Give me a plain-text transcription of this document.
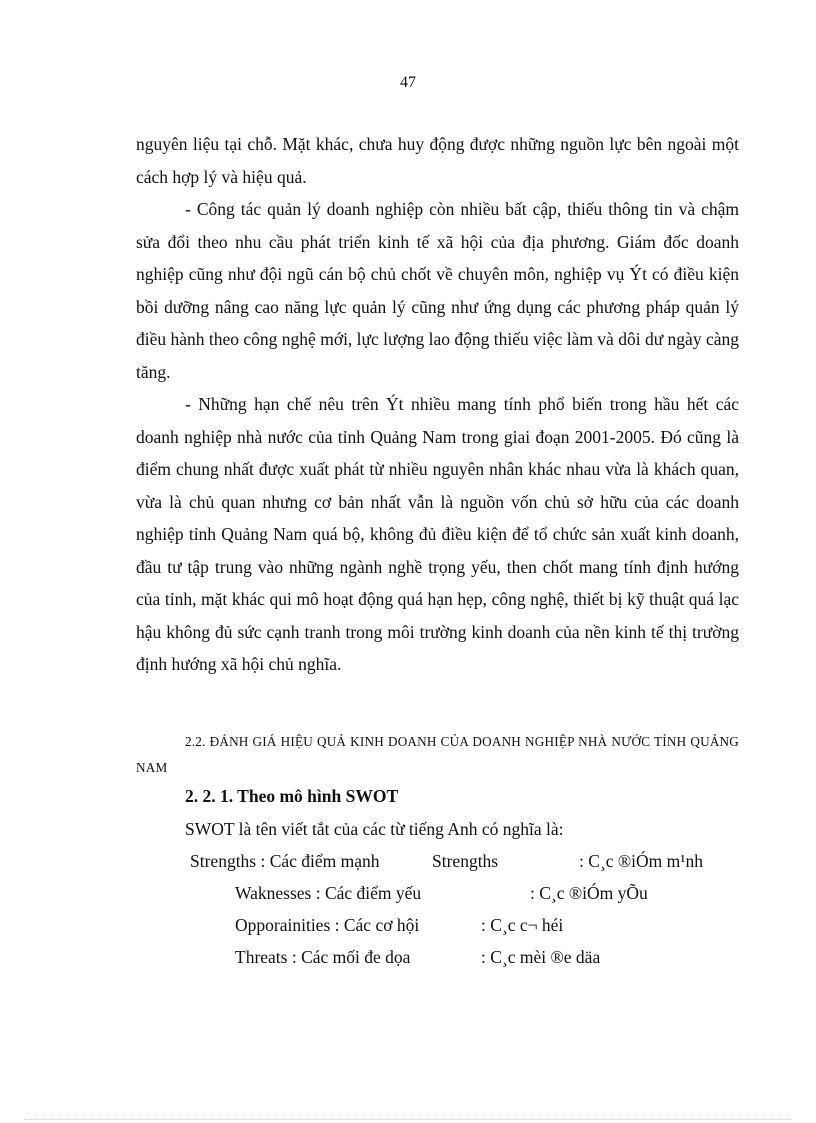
47

nguyên liệu tại chỗ. Mặt khác, chưa huy động được những nguồn lực bên ngoài một cách hợp lý và hiệu quả.

- Công tác quản lý doanh nghiệp còn nhiều bất cập, thiếu thông tin và chậm sửa đổi theo nhu cầu phát triển kinh tế xã hội của địa phương. Giám đốc doanh nghiệp cũng như đội ngũ cán bộ chủ chốt về chuyên môn, nghiệp vụ Ýt có điều kiện bồi dưỡng nâng cao năng lực quản lý cũng như ứng dụng các phương pháp quản lý điều hành theo công nghệ mới, lực lượng lao động thiếu việc làm và dôi dư ngày càng tăng.

- Những hạn chế nêu trên Ýt nhiều mang tính phổ biến trong hầu hết các doanh nghiệp nhà nước của tỉnh Quảng Nam trong giai đoạn 2001-2005. Đó cũng là điểm chung nhất được xuất phát từ nhiều nguyên nhân khác nhau vừa là khách quan, vừa là chủ quan nhưng cơ bản nhất vẫn là nguồn vốn chủ sở hữu của các doanh nghiệp tỉnh Quảng Nam quá bộ, không đủ điều kiện để tổ chức sản xuất kinh doanh, đầu tư tập trung vào những ngành nghề trọng yếu, then chốt mang tính định hướng của tỉnh, mặt khác qui mô hoạt động quá hạn hẹp, công nghệ, thiết bị kỹ thuật quá lạc hậu không đủ sức cạnh tranh trong môi trường kinh doanh của nền kinh tế thị trường định hướng xã hội chủ nghĩa.

2.2. ĐÁNH GIÁ HIỆU QUẢ KINH DOANH CỦA DOANH NGHIỆP NHÀ NƯỚC TỈNH QUẢNG NAM
2. 2. 1. Theo mô hình SWOT
SWOT là tên viết tắt của các từ tiếng Anh có nghĩa là:
Strengths : Các điểm mạnh	Strengths	: C¸c ®iÓm m¹nh
Waknesses : Các điểm yếu	: C¸c ®iÓm yÕu
Opporainities : Các cơ hội	: C¸c c¬ héi
Threats : Các mối đe dọa	: C¸c mèi ®e däa
